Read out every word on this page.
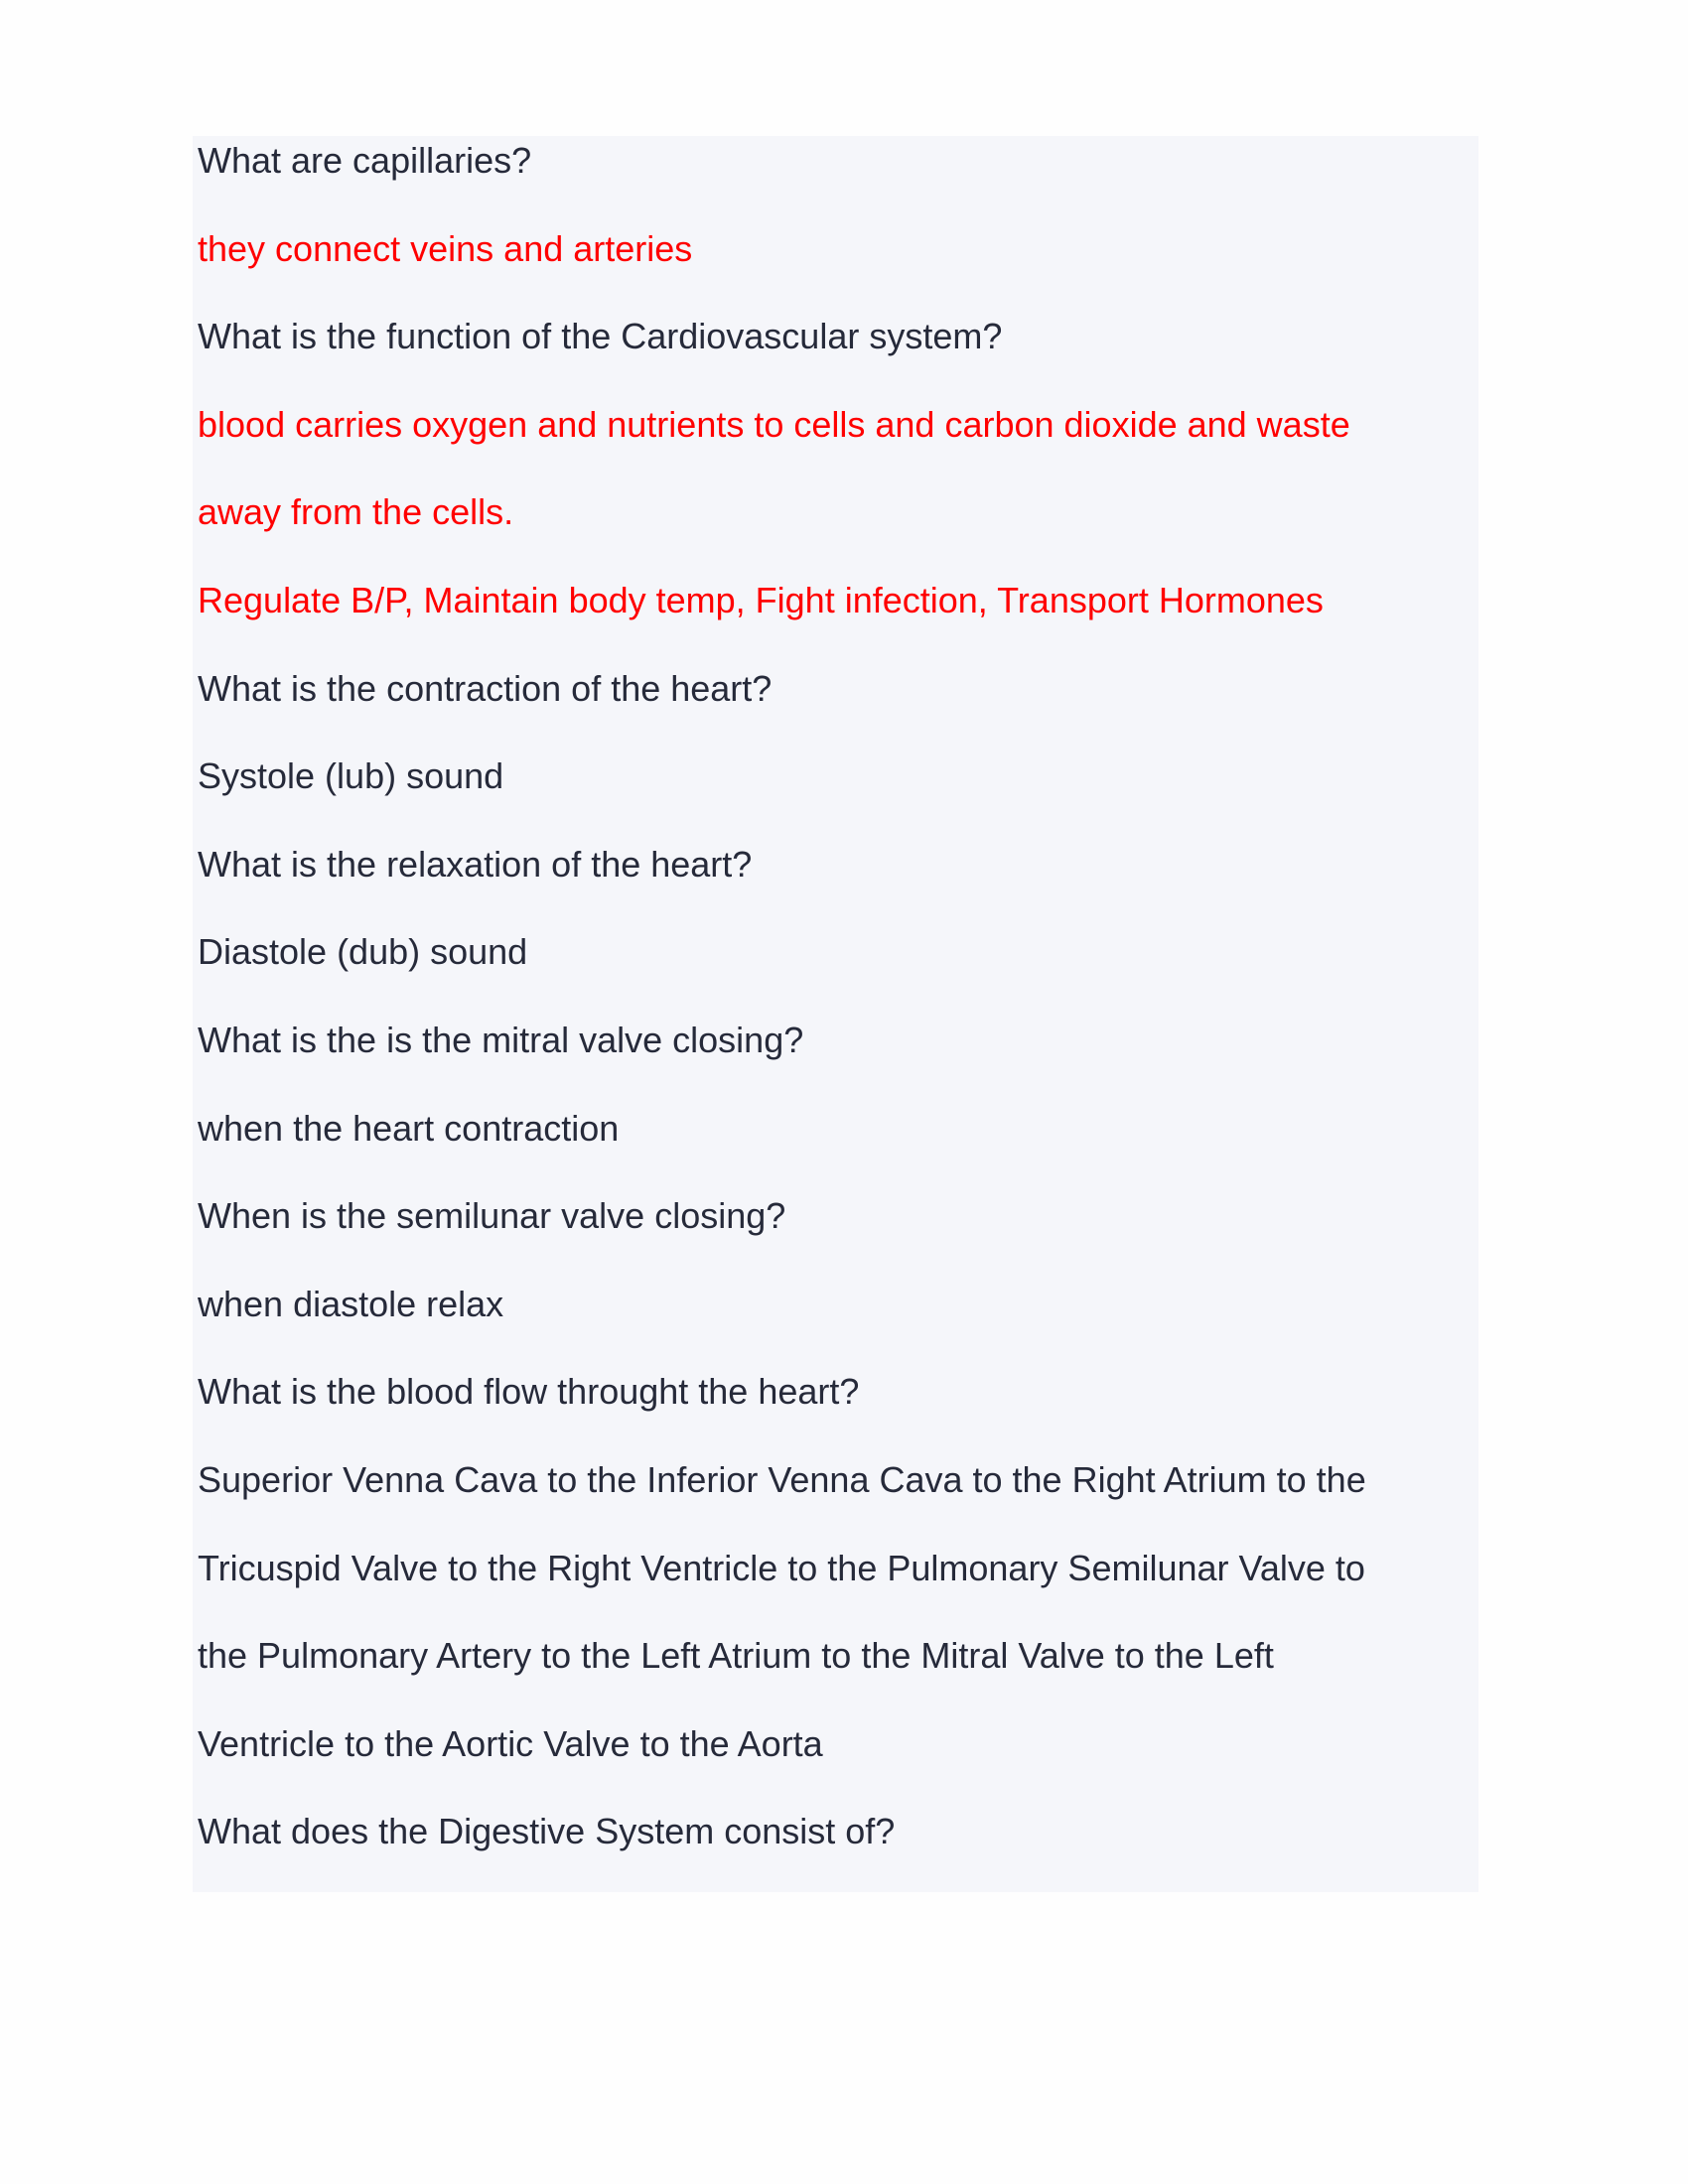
What are capillaries?
they connect veins and arteries
What is the function of the Cardiovascular system?
blood carries oxygen and nutrients to cells and carbon dioxide and waste
away from the cells.
Regulate B/P, Maintain body temp, Fight infection, Transport Hormones
What is the contraction of the heart?
Systole (lub) sound
What is the relaxation of the heart?
Diastole (dub) sound
What is the is the mitral valve closing?
when the heart contraction
When is the semilunar valve closing?
when diastole relax
What is the blood flow throught the heart?
Superior Venna Cava to the Inferior Venna Cava to the Right Atrium to the
Tricuspid Valve to the Right Ventricle to the Pulmonary Semilunar Valve to
the Pulmonary Artery to the Left Atrium to the Mitral Valve to the Left
Ventricle to the Aortic Valve to the Aorta
What does the Digestive System consist of?
